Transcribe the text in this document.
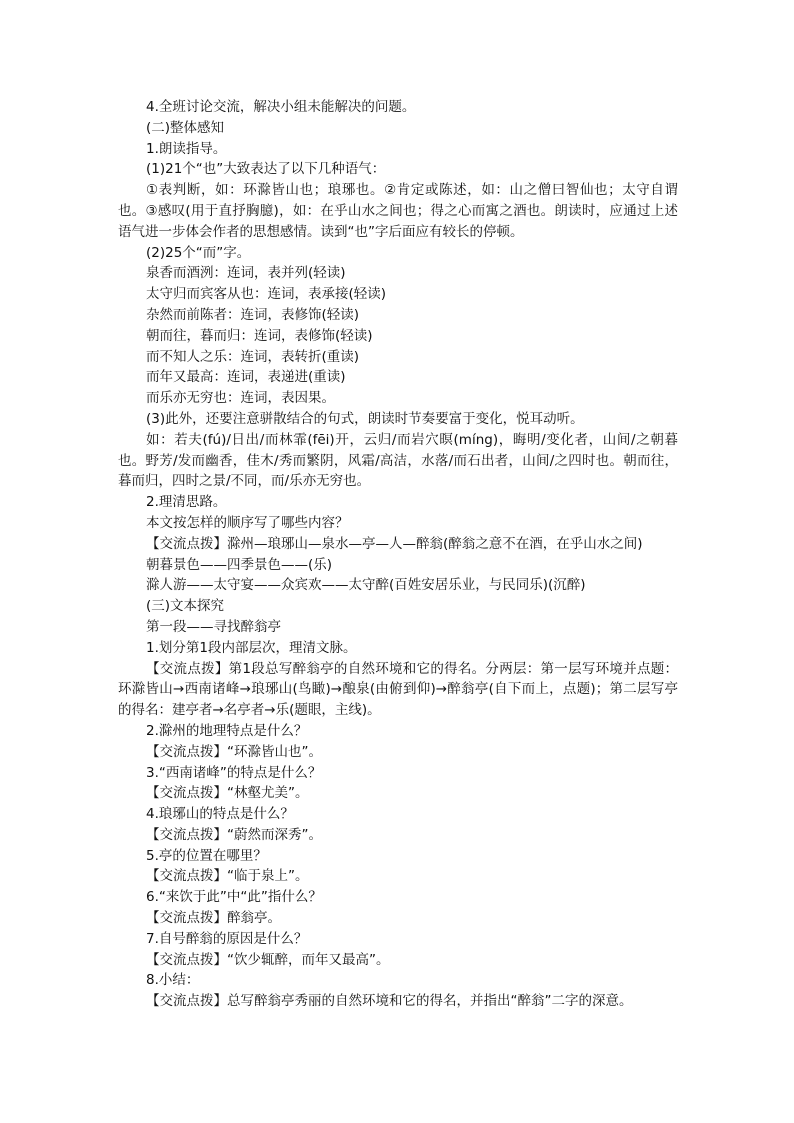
4.全班讨论交流，解决小组未能解决的问题。

(二)整体感知

1.朗读指导。

(1)21个“也”大致表达了以下几种语气：

①表判断，如：环滁皆山也；琅琊也。②肯定或陈述，如：山之僧曰智仙也；太守自谓也。③感叹(用于直抒胸臆)，如：在乎山水之间也；得之心而寓之酒也。朗读时，应通过上述语气进一步体会作者的思想感情。读到“也”字后面应有较长的停顿。

(2)25个“而”字。

泉香而酒洌：连词，表并列(轻读)

太守归而宾客从也：连词，表承接(轻读)

杂然而前陈者：连词，表修饰(轻读)

朝而往，暮而归：连词，表修饰(轻读)

而不知人之乐：连词，表转折(重读)

而年又最高：连词，表递进(重读)

而乐亦无穷也：连词，表因果。

(3)此外，还要注意骈散结合的句式，朗读时节奏要富于变化，悦耳动听。

如：若夫(fú)/日出/而林霏(fēi)开，云归/而岩穴暝(míng)，晦明/变化者，山间/之朝暮也。野芳/发而幽香，佳木/秀而繁阴，风霜/高洁，水落/而石出者，山间/之四时也。朝而往，暮而归，四时之景/不同，而/乐亦无穷也。

2.理清思路。

本文按怎样的顺序写了哪些内容？

【交流点拨】滁州—琅琊山—泉水—亭—人—醉翁(醉翁之意不在酒，在乎山水之间)

朝暮景色——四季景色——(乐)

滁人游——太守宴——众宾欢——太守醉(百姓安居乐业，与民同乐)(沉醉)

(三)文本探究

第一段——寻找醉翁亭

1.划分第1段内部层次，理清文脉。

【交流点拨】第1段总写醉翁亭的自然环境和它的得名。分两层：第一层写环境并点题：环滁皆山→西南诸峰→琅琊山(鸟瞰)→酿泉(由俯到仰)→醉翁亭(自下而上，点题)；第二层写亭的得名：建亭者→名亭者→乐(题眼，主线)。

2.滁州的地理特点是什么？

【交流点拨】“环滁皆山也”。

3.“西南诸峰”的特点是什么？

【交流点拨】“林壑尤美”。

4.琅琊山的特点是什么？

【交流点拨】“蔚然而深秀”。

5.亭的位置在哪里？

【交流点拨】“临于泉上”。

6.“来饮于此”中“此”指什么？

【交流点拨】醉翁亭。

7.自号醉翁的原因是什么？

【交流点拨】“饮少辄醉，而年又最高”。

8.小结：

【交流点拨】总写醉翁亭秀丽的自然环境和它的得名，并指出“醉翁”二字的深意。
